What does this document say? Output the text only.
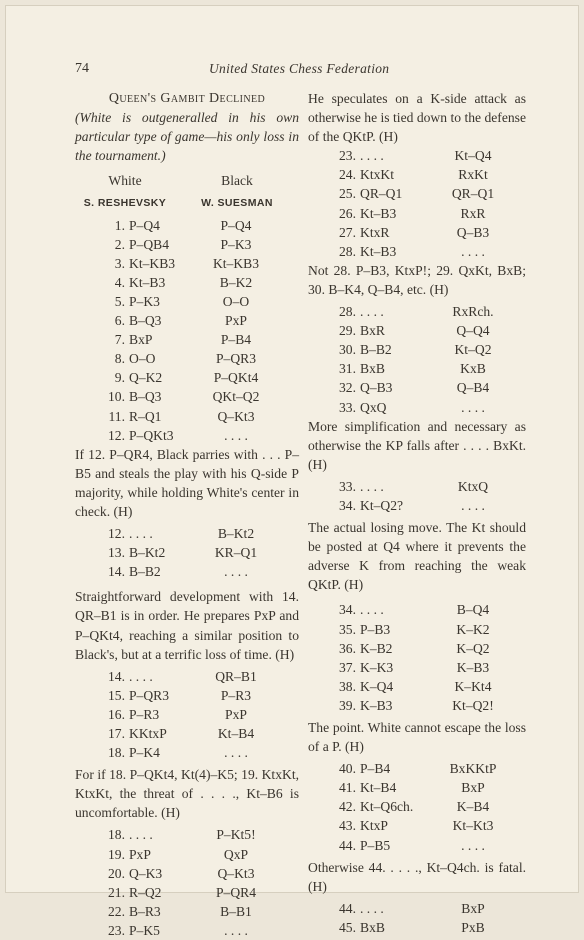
74	United States Chess Federation

Queen's Gambit Declined

(White is outgeneralled in his own particular type of game—his only loss in the tournament.)

White	Black
S. RESHEVSKY	W. SUESMAN
1. P–Q4	P–Q4
2. P–QB4	P–K3
3. Kt–KB3	Kt–KB3
4. Kt–B3	B–K2
5. P–K3	O–O
6. B–Q3	PxP
7. BxP	P–B4
8. O–O	P–QR3
9. Q–K2	P–QKt4
10. B–Q3	QKt–Q2
11. R–Q1	Q–Kt3
12. P–QKt3	. . . .

If 12. P–QR4, Black parries with . . . P–B5 and steals the play with his Q-side P majority, while holding White's center in check. (H)

12. . . . .	B–Kt2
13. B–Kt2	KR–Q1
14. B–B2	. . . .

Straightforward development with 14. QR–B1 is in order. He prepares PxP and P–QKt4, reaching a similar position to Black's, but at a terrific loss of time. (H)

14. . . . .	QR–B1
15. P–QR3	P–R3
16. P–R3	PxP
17. KKtxP	Kt–B4
18. P–K4	. . . .

For if 18. P–QKt4, Kt(4)–K5; 19. KtxKt, KtxKt, the threat of . . . ., Kt–B6 is uncomfortable. (H)

18. . . . .	P–Kt5!
19. PxP	QxP
20. Q–K3	Q–Kt3
21. R–Q2	P–QR4
22. B–R3	B–B1
23. P–K5	. . . .

He speculates on a K-side attack as otherwise he is tied down to the defense of the QKtP. (H)

23. . . . .	Kt–Q4
24. KtxKt	RxKt
25. QR–Q1	QR–Q1
26. Kt–B3	RxR
27. KtxR	Q–B3
28. Kt–B3	. . . .

Not 28. P–B3, KtxP!; 29. QxKt, BxB; 30. B–K4, Q–B4, etc. (H)

28. . . . .	RxRch.
29. BxR	Q–Q4
30. B–B2	Kt–Q2
31. BxB	KxB
32. Q–B3	Q–B4
33. QxQ	. . . .

More simplification and necessary as otherwise the KP falls after . . . . BxKt. (H)

33. . . . .	KtxQ
34. Kt–Q2?	. . . .

The actual losing move. The Kt should be posted at Q4 where it prevents the adverse K from reaching the weak QKtP. (H)

34. . . . .	B–Q4
35. P–B3	K–K2
36. K–B2	K–Q2
37. K–K3	K–B3
38. K–Q4	K–Kt4
39. K–B3	Kt–Q2!

The point. White cannot escape the loss of a P. (H)

40. P–B4	BxKKtP
41. Kt–B4	BxP
42. Kt–Q6ch.	K–B4
43. KtxP	Kt–Kt3
44. P–B5	. . . .

Otherwise 44. . . . ., Kt–Q4ch. is fatal. (H)

44. . . . .	BxP
45. BxB	PxB
